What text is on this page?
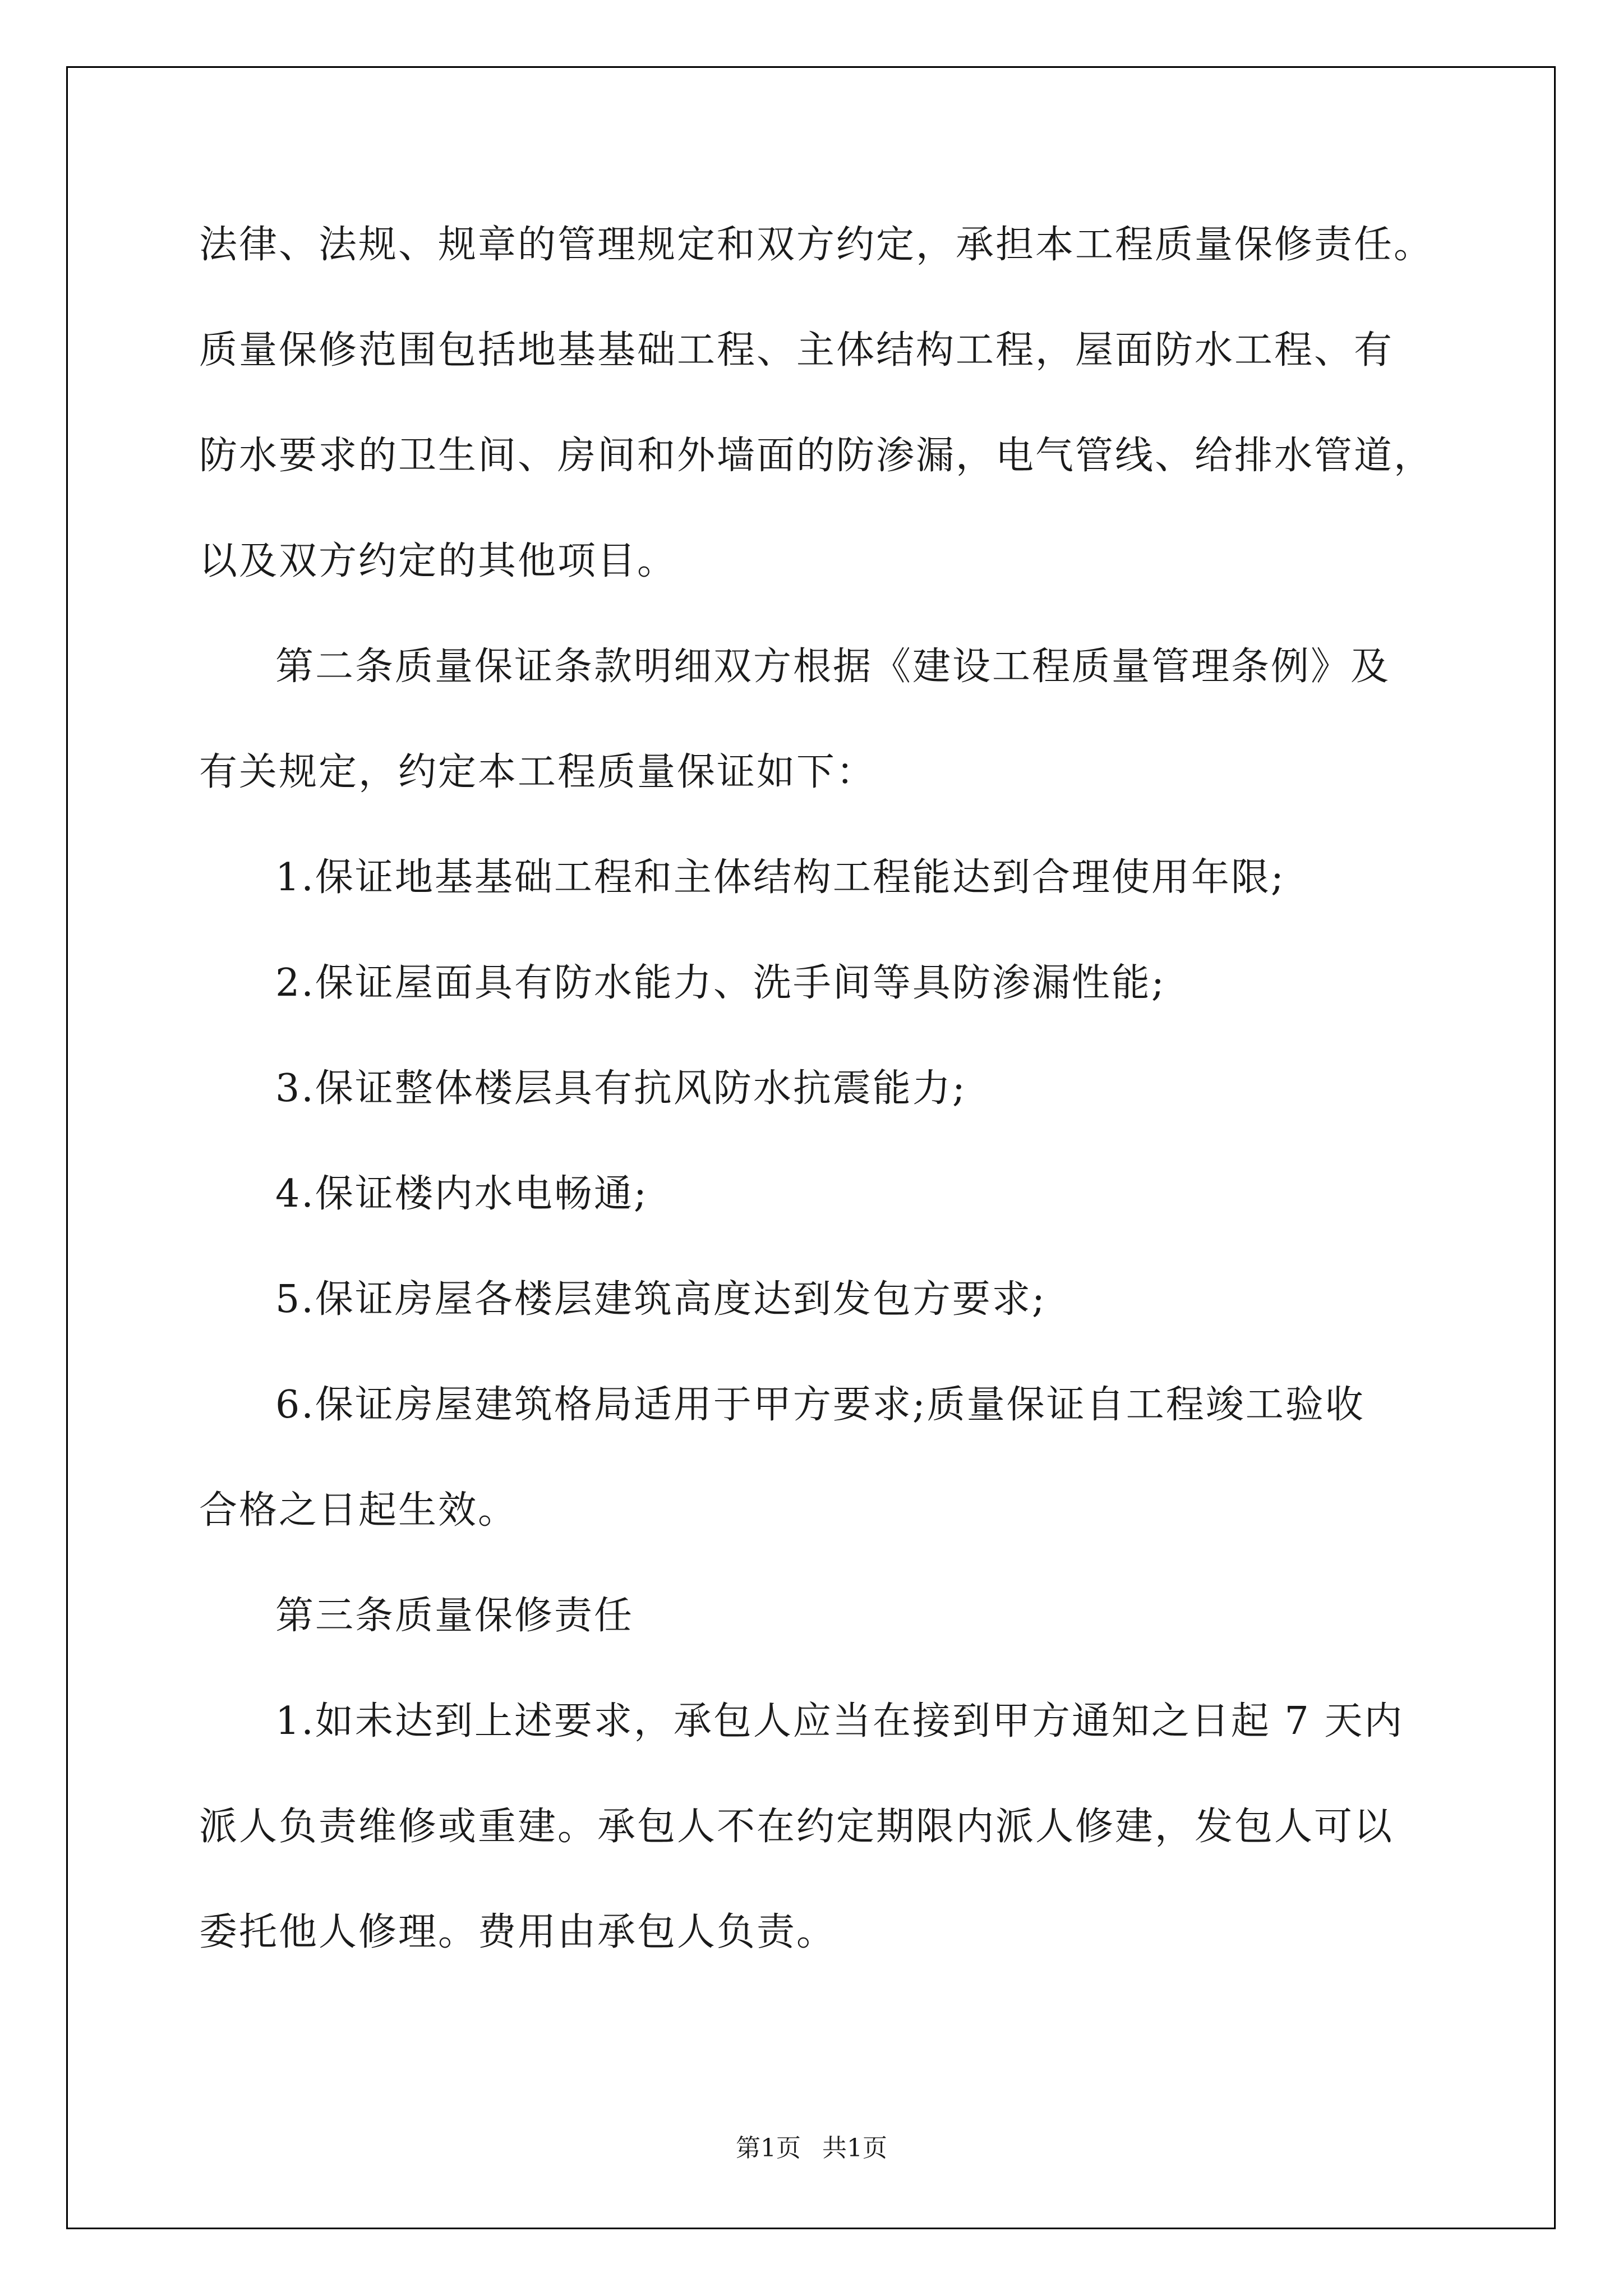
法律、法规、规章的管理规定和双方约定，承担本工程质量保修责任。
质量保修范围包括地基基础工程、主体结构工程，屋面防水工程、有
防水要求的卫生间、房间和外墙面的防渗漏，电气管线、给排水管道，
以及双方约定的其他项目。
第二条质量保证条款明细双方根据《建设工程质量管理条例》及
有关规定，约定本工程质量保证如下：
1.保证地基基础工程和主体结构工程能达到合理使用年限;
2.保证屋面具有防水能力、洗手间等具防渗漏性能;
3.保证整体楼层具有抗风防水抗震能力;
4.保证楼内水电畅通;
5.保证房屋各楼层建筑高度达到发包方要求;
6.保证房屋建筑格局适用于甲方要求;质量保证自工程竣工验收
合格之日起生效。
第三条质量保修责任
1.如未达到上述要求，承包人应当在接到甲方通知之日起 7 天内
派人负责维修或重建。承包人不在约定期限内派人修建，发包人可以
委托他人修理。费用由承包人负责。
第1页 共1页
